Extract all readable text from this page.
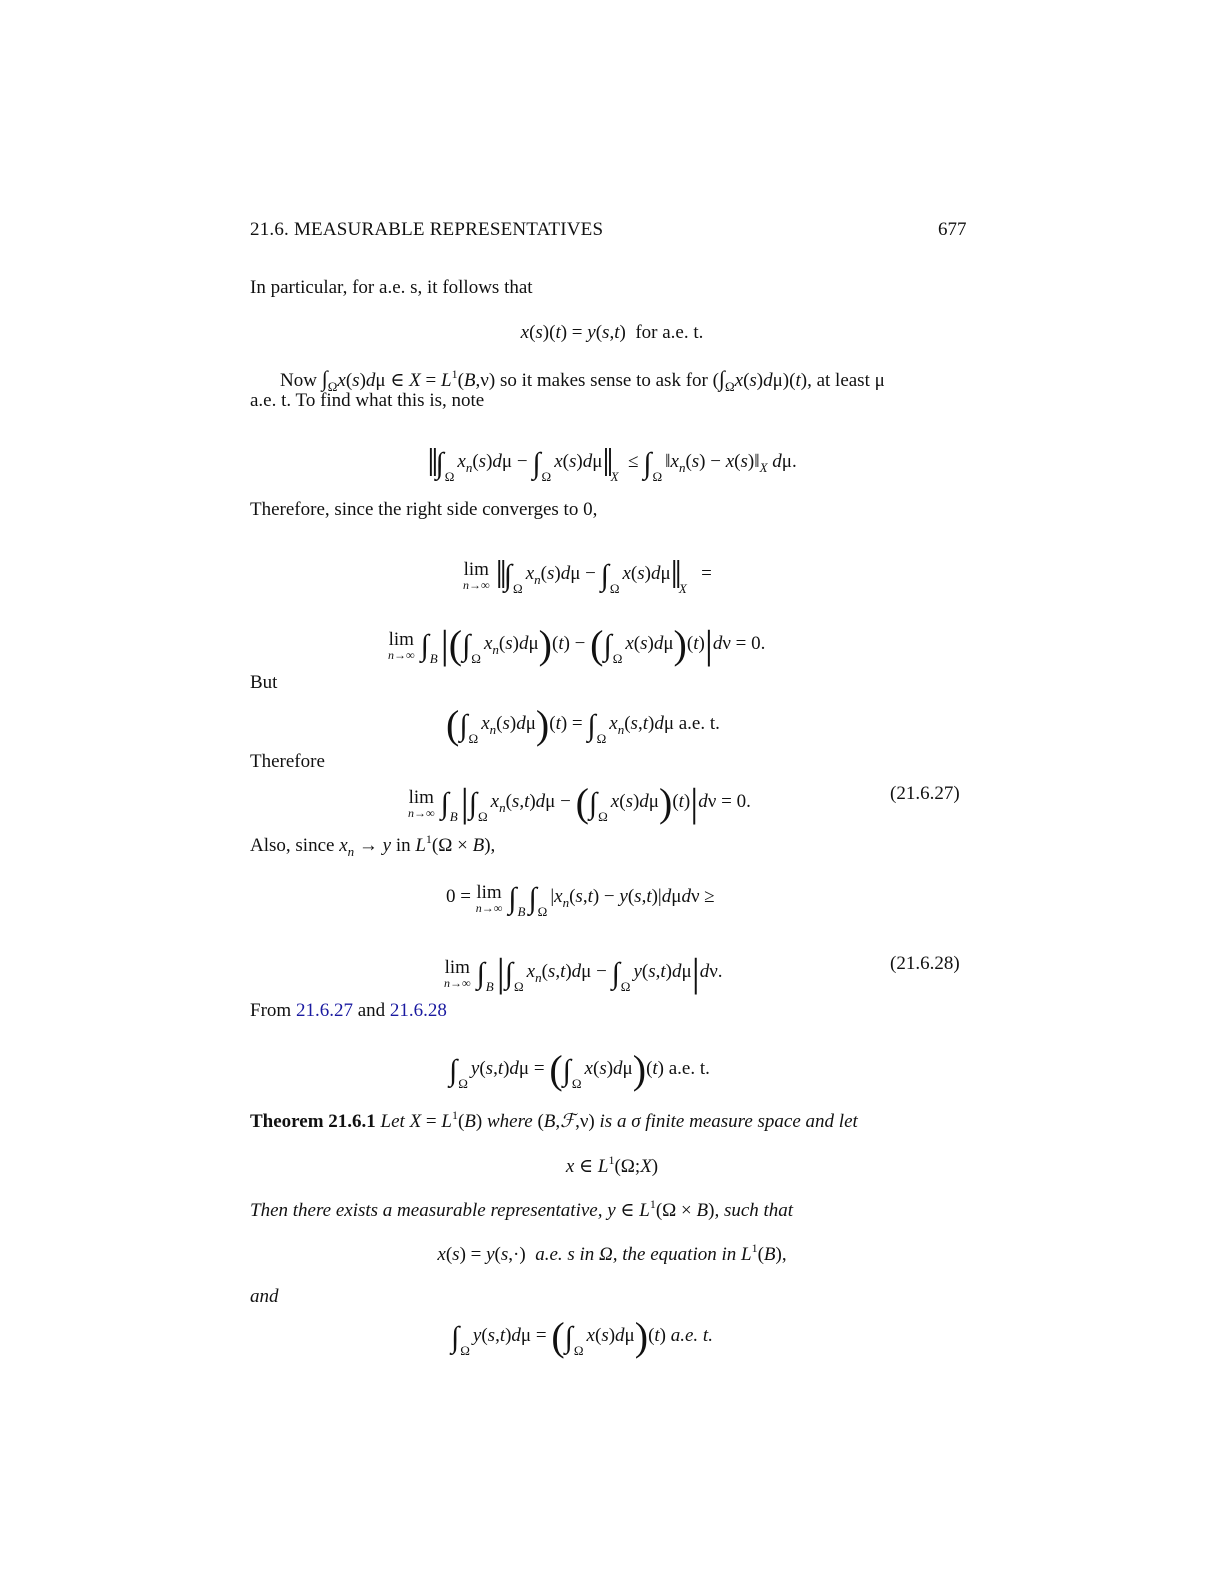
21.6. MEASURABLE REPRESENTATIVES	677
In particular, for a.e. s, it follows that
x(s)(t) = y(s,t)  for a.e. t.
Now $\int_\Omega x(s)d\mu$ ∈ $X = L^1(B,\nu)$ so it makes sense to ask for $(\int_\Omega x(s)d\mu)(t)$, at least μ
a.e. t. To find what this is, note
$‖\int_\Omega x_n(s)d\mu$ − $\int_\Omega x(s)d\mu‖_X$  ≤ $\int_\Omega‖x_n(s)$ − $x(s)‖_X$ dμ.
Therefore, since the right side converges to 0,
lim
n→∞ $‖\int_\Omega x_n(s)d\mu$ − $\int_\Omega x(s)d\mu‖_X$   =
lim
n→∞ $\int_B|(\int_\Omega x_n(s)d\mu)(t) - (\int_\Omega x(s)d\mu)(t)|d\nu = 0$.
But
$(\int_\Omega x_n(s)d\mu)(t) = \int_\Omega x_n(s,t)d\mu$ a.e. t.
Therefore
lim
n→∞ $\int_B|\int_\Omega x_n(s,t)d\mu - (\int_\Omega x(s)d\mu)(t)|d\nu = 0$.	(21.6.27)
Also, since $x_n \to y$ in $L^1(\Omega \times B)$,
0 = lim
n→∞ $\int_B$ $\int_\Omega|x_n(s,t) - y(s,t)|d\mu d\nu$ ≥
lim
n→∞ $\int_B|\int_\Omega x_n(s,t)d\mu - \int_\Omega y(s,t)d\mu|d\nu$.	(21.6.28)
From 21.6.27 and 21.6.28
$\int_\Omega y(s,t)d\mu = (\int_\Omega x(s)d\mu)(t)$ a.e. t.
Theorem 21.6.1 Let $X = L^1(B)$ where (B,ℱ,ν) is a σ finite measure space and let
x ∈ $L^1(\Omega;X)$
Then there exists a measurable representative, y ∈ $L^1(\Omega \times B)$, such that
x(s) = y(s,·)  a.e. s in Ω, the equation in $L^1(B)$,
and
$\int_\Omega y(s,t)d\mu = (\int_\Omega x(s)d\mu)(t)$ a.e. t.
